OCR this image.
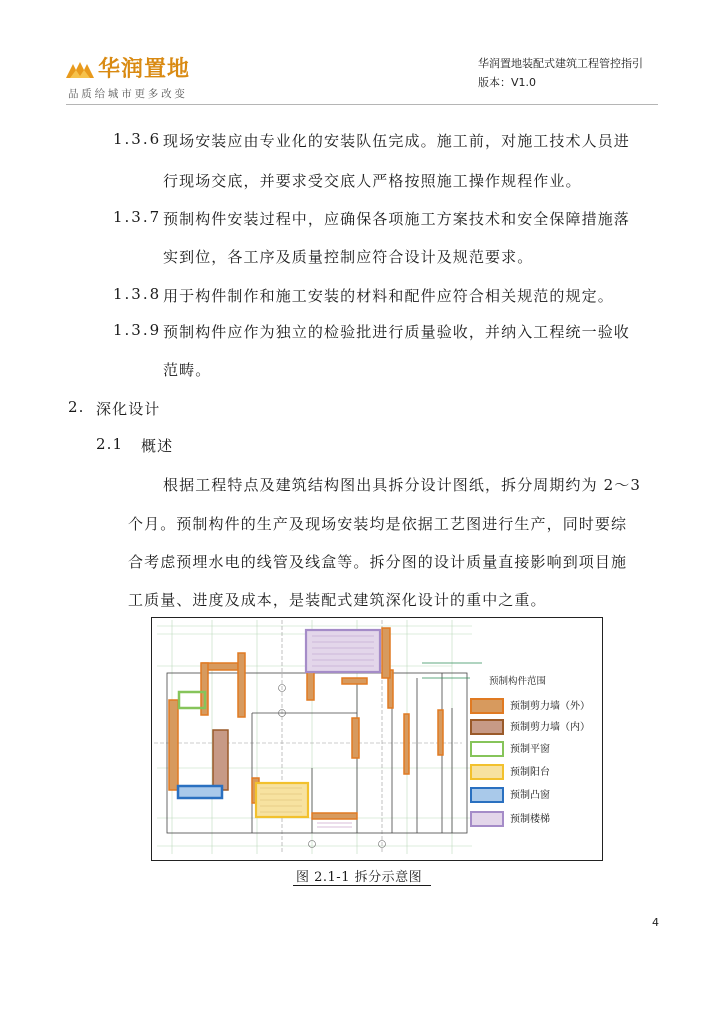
华润置地
品质给城市更多改变
华润置地装配式建筑工程管控指引
版本：V1.0
1.3.6 现场安装应由专业化的安装队伍完成。施工前，对施工技术人员进
行现场交底，并要求受交底人严格按照施工操作规程作业。
1.3.7 预制构件安装过程中，应确保各项施工方案技术和安全保障措施落
实到位，各工序及质量控制应符合设计及规范要求。
1.3.8 用于构件制作和施工安装的材料和配件应符合相关规范的规定。
1.3.9 预制构件应作为独立的检验批进行质量验收，并纳入工程统一验收
范畴。
2. 深化设计
2.1 概述
根据工程特点及建筑结构图出具拆分设计图纸，拆分周期约为 2～3
个月。预制构件的生产及现场安装均是依据工艺图进行生产，同时要综
合考虑预埋水电的线管及线盒等。拆分图的设计质量直接影响到项目施
工质量、进度及成本，是装配式建筑深化设计的重中之重。
预制构件范围
预制剪力墙（外）
预制剪力墙（内）
预制平窗
预制阳台
预制凸窗
预制楼梯
图 2.1-1 拆分示意图
4
